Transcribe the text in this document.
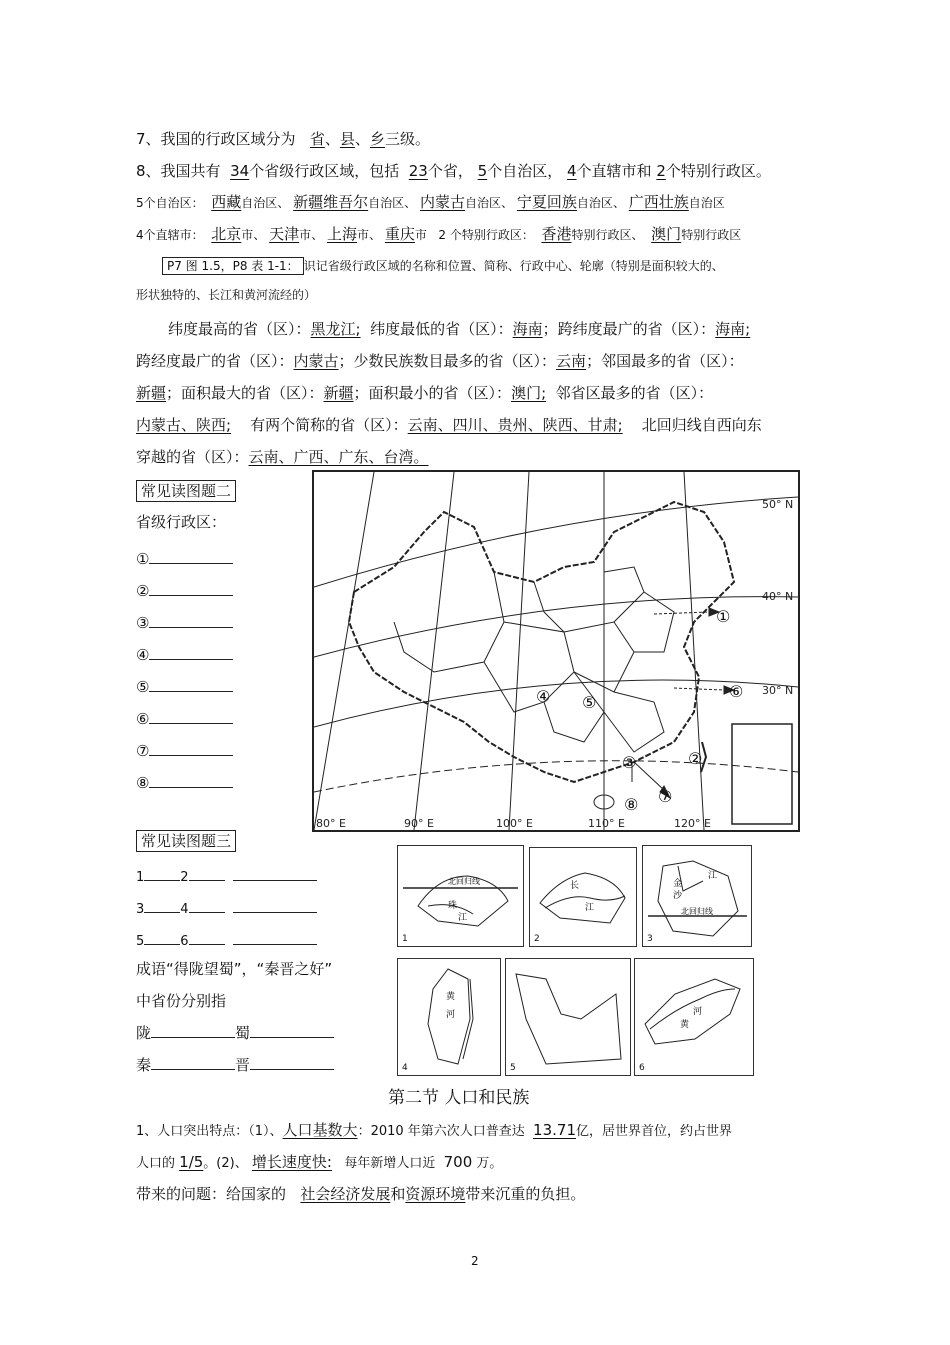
7、我国的行政区域分为 省、县、乡三级。
8、我国共有 34个省级行政区域，包括 23个省， 5个自治区， 4个直辖市和 2个特别行政区。
5个自治区： 西藏自治区、 新疆维吾尔自治区、 内蒙古自治区、 宁夏回族自治区、 广西壮族自治区
4个直辖市： 北京市、 天津市、 上海市、 重庆市 2 个特别行政区： 香港特别行政区、 澳门特别行政区
P7 图 1.5，P8 表 1-1： 识记省级行政区域的名称和位置、简称、行政中心、轮廓（特别是面积较大的、
形状独特的、长江和黄河流经的）
纬度最高的省（区）：黑龙江; 纬度最低的省（区）：海南；跨纬度最广的省（区）：海南;
跨经度最广的省（区）：内蒙古；少数民族数目最多的省（区）：云南；邻国最多的省（区）：
新疆；面积最大的省（区）：新疆；面积最小的省（区）：澳门; 邻省区最多的省（区）：
内蒙古、陕西; 有两个简称的省（区）：云南、四川、贵州、陕西、甘肃; 北回归线自西向东
穿越的省（区）：云南、广西、广东、台湾。
常见读图题二
省级行政区：
①
②
③
④
⑤
⑥
⑦
⑧
50° N
40° N
30° N
80° E	90° E	100° E	110° E	120° E
①
⑥
④ ⑤
③	②
⑧ ⑦
常见读图题三
1	2
3	4
5	6
成语“得陇望蜀”，“秦晋之好”
中省份分别指
陇	蜀
秦	晋
北回归线
珠
江
1
长
江
2
金
沙
江
北回归线
3
黄
河
4	5
河
黄
6
第二节 人口和民族
1、人口突出特点：（1）、人口基数大：2010 年第六次人口普查达 13.71亿，居世界首位，约占世界
人口的 1/5。(2)、 增长速度快: 每年新增人口近 700 万。
带来的问题：给国家的 社会经济发展和资源环境带来沉重的负担。
2
